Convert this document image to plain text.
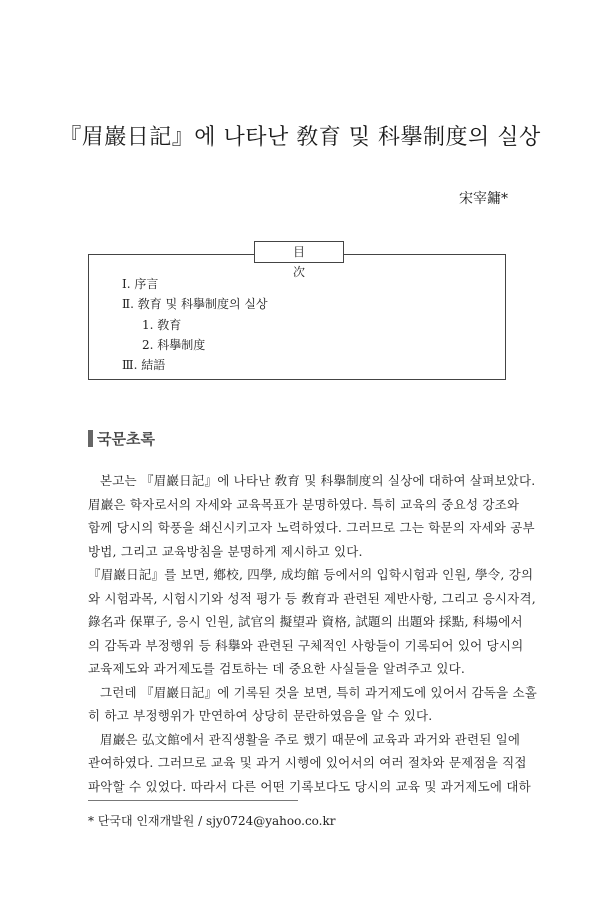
『眉巖日記』에 나타난 敎育 및 科擧制度의 실상
宋宰鏞*
目 次
Ⅰ. 序言
Ⅱ. 敎育 및 科擧制度의 실상
1. 敎育
2. 科擧制度
Ⅲ. 結語
국문초록
본고는 『眉巖日記』에 나타난 敎育 및 科擧制度의 실상에 대하여 살펴보았다.
眉巖은 학자로서의 자세와 교육목표가 분명하였다. 특히 교육의 중요성 강조와
함께 당시의 학풍을 쇄신시키고자 노력하였다. 그러므로 그는 학문의 자세와 공부
방법, 그리고 교육방침을 분명하게 제시하고 있다.
『眉巖日記』를 보면, 鄕校, 四學, 成均館 등에서의 입학시험과 인원, 學令, 강의
와 시험과목, 시험시기와 성적 평가 등 敎育과 관련된 제반사항, 그리고 응시자격,
錄名과 保單子, 응시 인원, 試官의 擬望과 資格, 試題의 出題와 採點, 科場에서
의 감독과 부정행위 등 科擧와 관련된 구체적인 사항들이 기록되어 있어 당시의
교육제도와 과거제도를 검토하는 데 중요한 사실들을 알려주고 있다.
그런데 『眉巖日記』에 기록된 것을 보면, 특히 과거제도에 있어서 감독을 소홀
히 하고 부정행위가 만연하여 상당히 문란하였음을 알 수 있다.
眉巖은 弘文館에서 관직생활을 주로 했기 때문에 교육과 과거와 관련된 일에
관여하였다. 그러므로 교육 및 과거 시행에 있어서의 여러 절차와 문제점을 직접
* 단국대 인재개발원 / sjy0724@yahoo.co.kr
파악할 수 있었다. 따라서 다른 어떤 기록보다도 당시의 교육 및 과거제도에 대하
